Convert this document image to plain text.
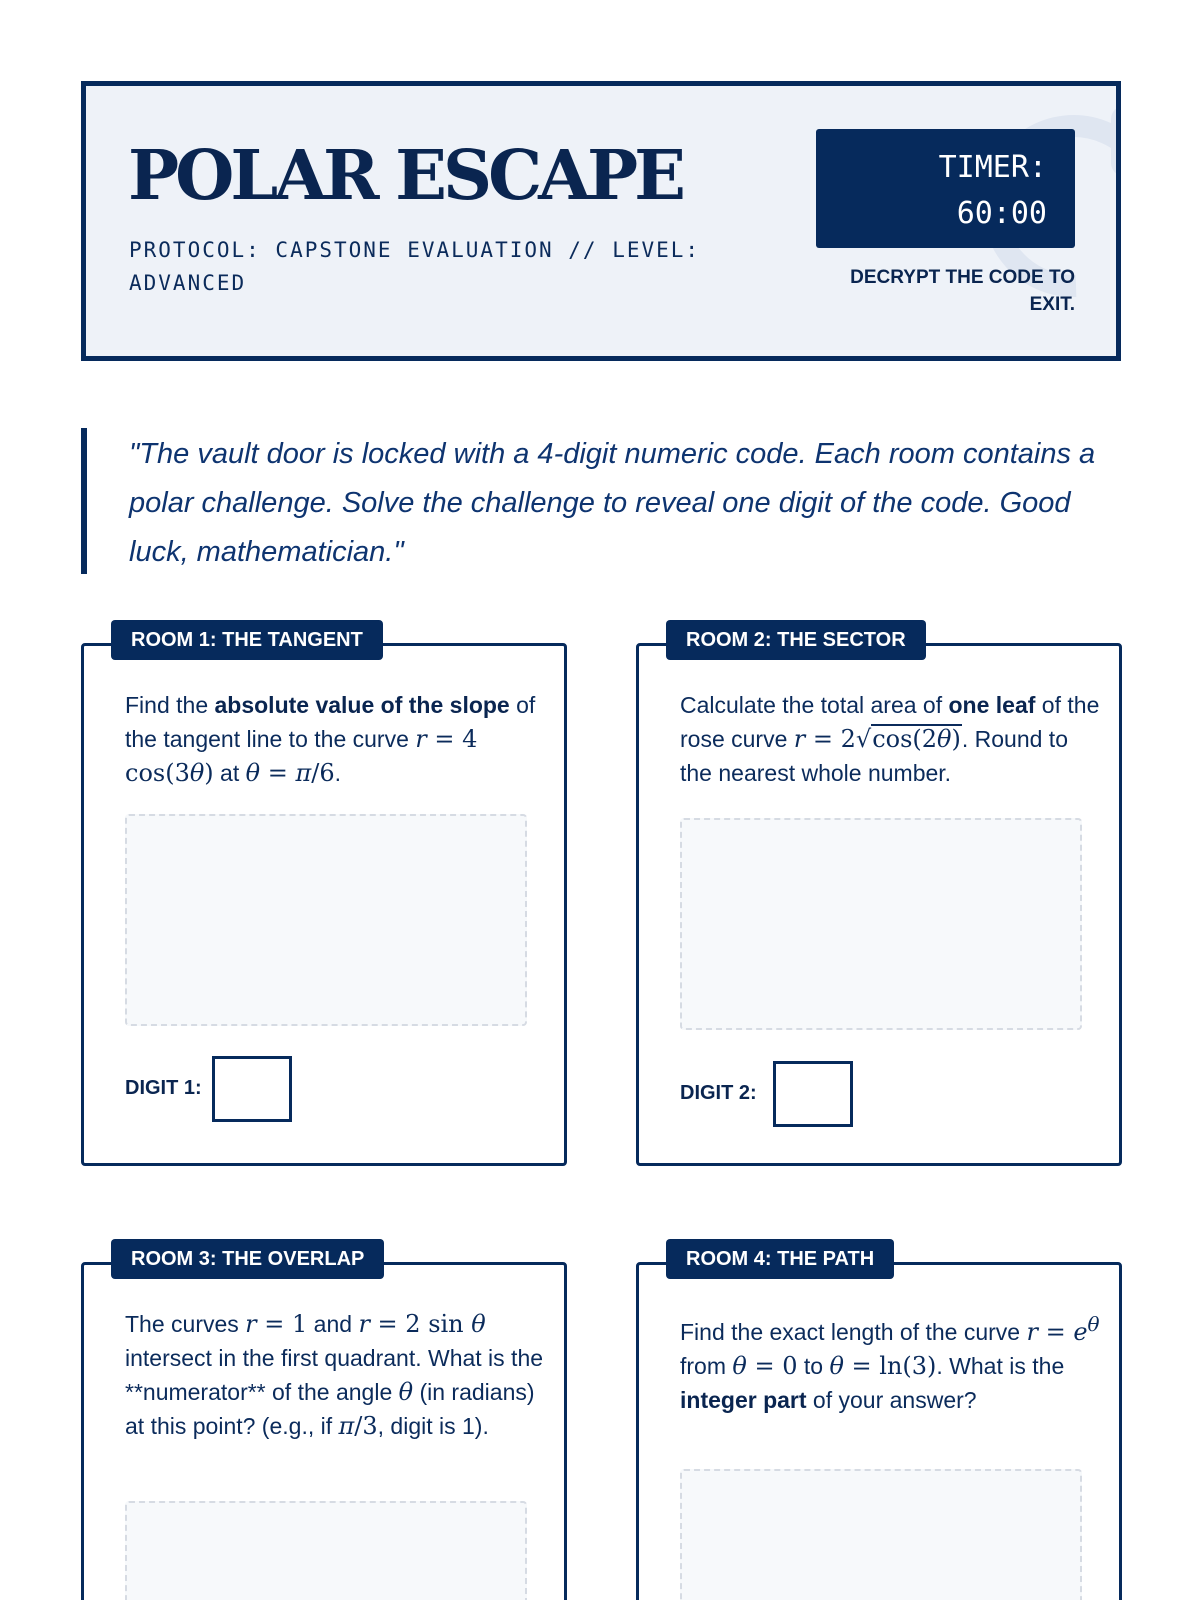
POLAR ESCAPE
PROTOCOL: CAPSTONE EVALUATION // LEVEL: ADVANCED
TIMER:
60:00
DECRYPT THE CODE TO EXIT.
"The vault door is locked with a 4-digit numeric code. Each room contains a polar challenge. Solve the challenge to reveal one digit of the code. Good luck, mathematician."
ROOM 1: THE TANGENT
Find the absolute value of the slope of the tangent line to the curve r = 4 cos(3θ) at θ = π/6.
DIGIT 1:
ROOM 2: THE SECTOR
Calculate the total area of one leaf of the rose curve r = 2√cos(2θ). Round to the nearest whole number.
DIGIT 2:
ROOM 3: THE OVERLAP
The curves r = 1 and r = 2 sin θ intersect in the first quadrant. What is the **numerator** of the angle θ (in radians) at this point? (e.g., if π/3, digit is 1).
ROOM 4: THE PATH
Find the exact length of the curve $r = e^\theta$ from θ = 0 to θ = ln(3). What is the integer part of your answer?
